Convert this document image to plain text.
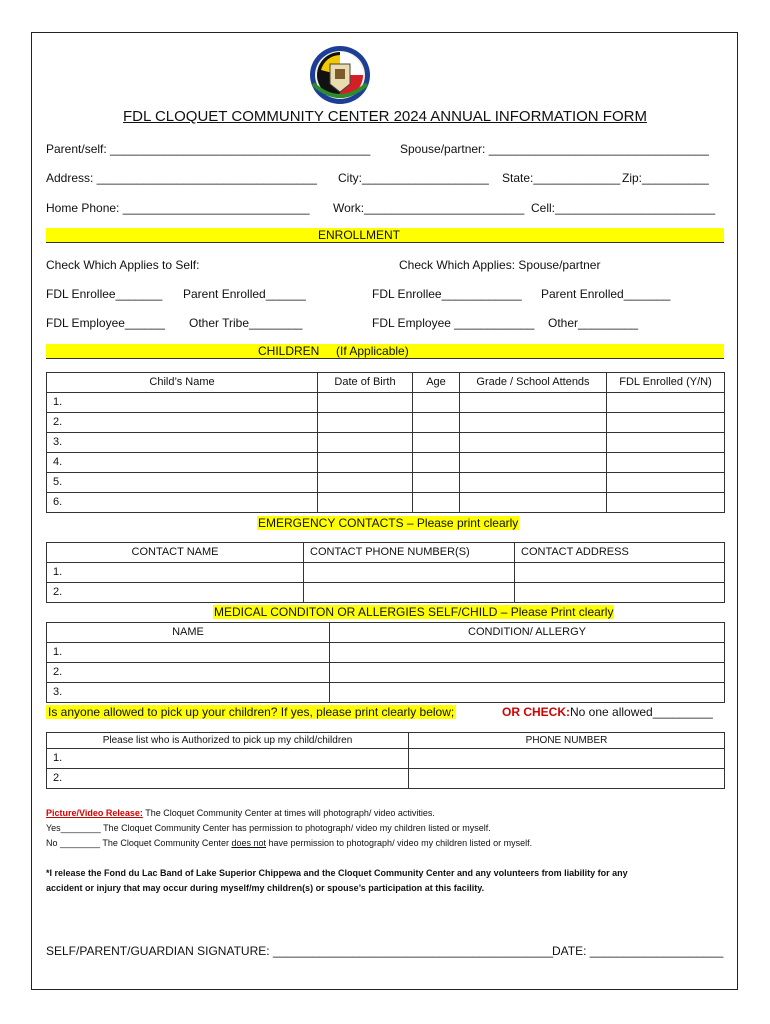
FDL CLOQUET COMMUNITY CENTER 2024 ANNUAL INFORMATION FORM
Parent/self: _______________________________________ Spouse/partner: _________________________________
Address: _________________________________ City:___________________ State:_____________ Zip:__________
Home Phone: ____________________________ Work:________________________ Cell:________________________
ENROLLMENT
Check Which Applies to Self:	Check Which Applies: Spouse/partner
FDL Enrollee_______ Parent Enrolled______	FDL Enrollee____________ Parent Enrolled_______
FDL Employee______ Other Tribe________	FDL Employee ____________ Other_________
CHILDREN (If Applicable)
Child’s Name	Date of Birth	Age	Grade / School Attends	FDL Enrolled (Y/N)
1.				
2.				
3.				
4.				
5.				
6.				
EMERGENCY CONTACTS – Please print clearly
CONTACT NAME	CONTACT PHONE NUMBER(S)	CONTACT ADDRESS
1.		
2.		
MEDICAL CONDITON OR ALLERGIES SELF/CHILD – Please Print clearly
NAME	CONDITION/ ALLERGY
1.	
2.	
3.	
Is anyone allowed to pick up your children? If yes, please print clearly below;	OR CHECK: No one allowed_________
Please list who is Authorized to pick up my child/children	PHONE NUMBER
1.	
2.	
Picture/Video Release: The Cloquet Community Center at times will photograph/ video activities.
Yes________ The Cloquet Community Center has permission to photograph/ video my children listed or myself.
No ________ The Cloquet Community Center does not have permission to photograph/ video my children listed or myself.
*I release the Fond du Lac Band of Lake Superior Chippewa and the Cloquet Community Center and any volunteers from liability for any
accident or injury that may occur during myself/my children(s) or spouse’s participation at this facility.
SELF/PARENT/GUARDIAN SIGNATURE: __________________________________________
DATE: ____________________
